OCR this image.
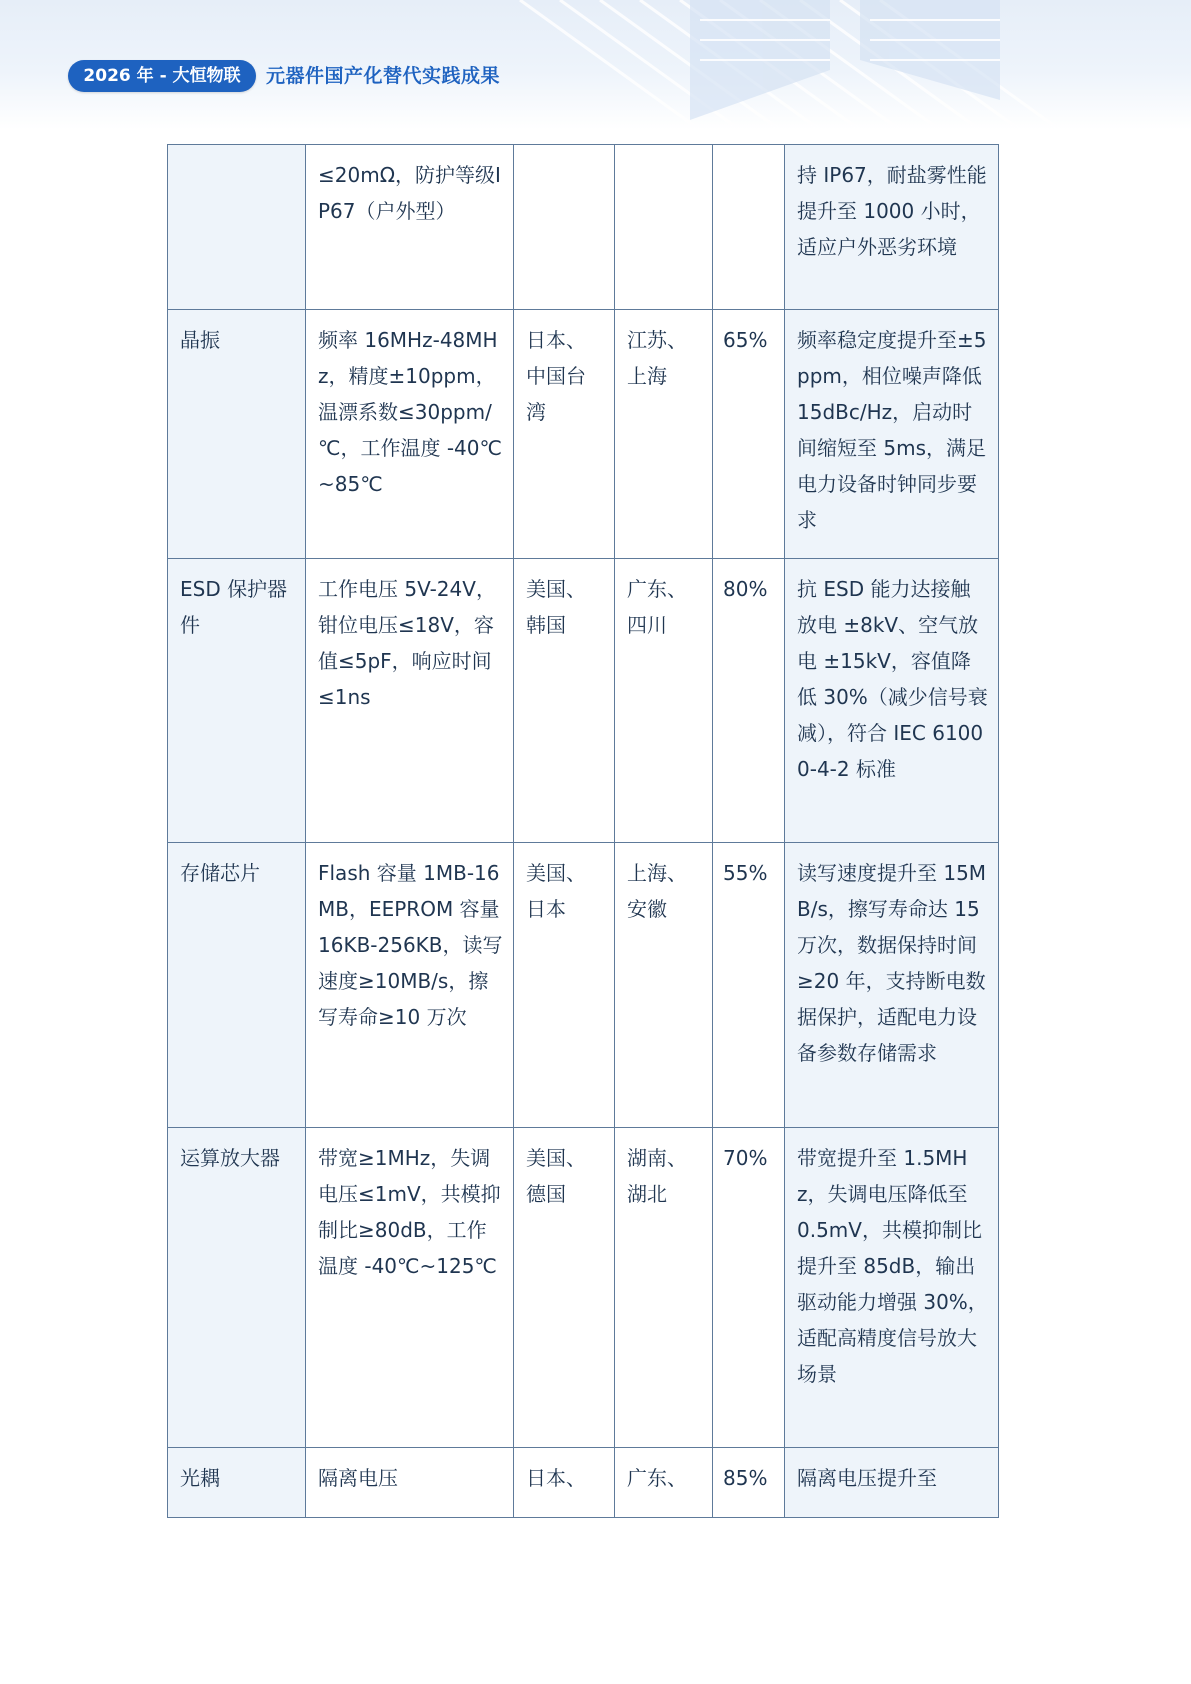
2026 年 - 大恒物联	元器件国产化替代实践成果
	≤20mΩ，防护等级IP67（户外型）				持 IP67，耐盐雾性能提升至 1000 小时，适应户外恶劣环境
晶振	频率 16MHz-48MHz，精度±10ppm，温漂系数≤30ppm/℃，工作温度 -40℃~85℃	日本、中国台湾	江苏、上海	65%	频率稳定度提升至±5ppm，相位噪声降低 15dBc/Hz，启动时间缩短至 5ms，满足电力设备时钟同步要求
ESD 保护器件	工作电压 5V-24V，钳位电压≤18V，容值≤5pF，响应时间≤1ns	美国、韩国	广东、四川	80%	抗 ESD 能力达接触放电 ±8kV、空气放电 ±15kV，容值降低 30%（减少信号衰减），符合 IEC 61000-4-2 标准
存储芯片	Flash 容量 1MB-16MB，EEPROM 容量 16KB-256KB，读写速度≥10MB/s，擦写寿命≥10 万次	美国、日本	上海、安徽	55%	读写速度提升至 15MB/s，擦写寿命达 15 万次，数据保持时间≥20 年，支持断电数据保护，适配电力设备参数存储需求
运算放大器	带宽≥1MHz，失调电压≤1mV，共模抑制比≥80dB，工作温度 -40℃~125℃	美国、德国	湖南、湖北	70%	带宽提升至 1.5MHz，失调电压降低至 0.5mV，共模抑制比提升至 85dB，输出驱动能力增强 30%，适配高精度信号放大场景
光耦	隔离电压	日本、	广东、	85%	隔离电压提升至
